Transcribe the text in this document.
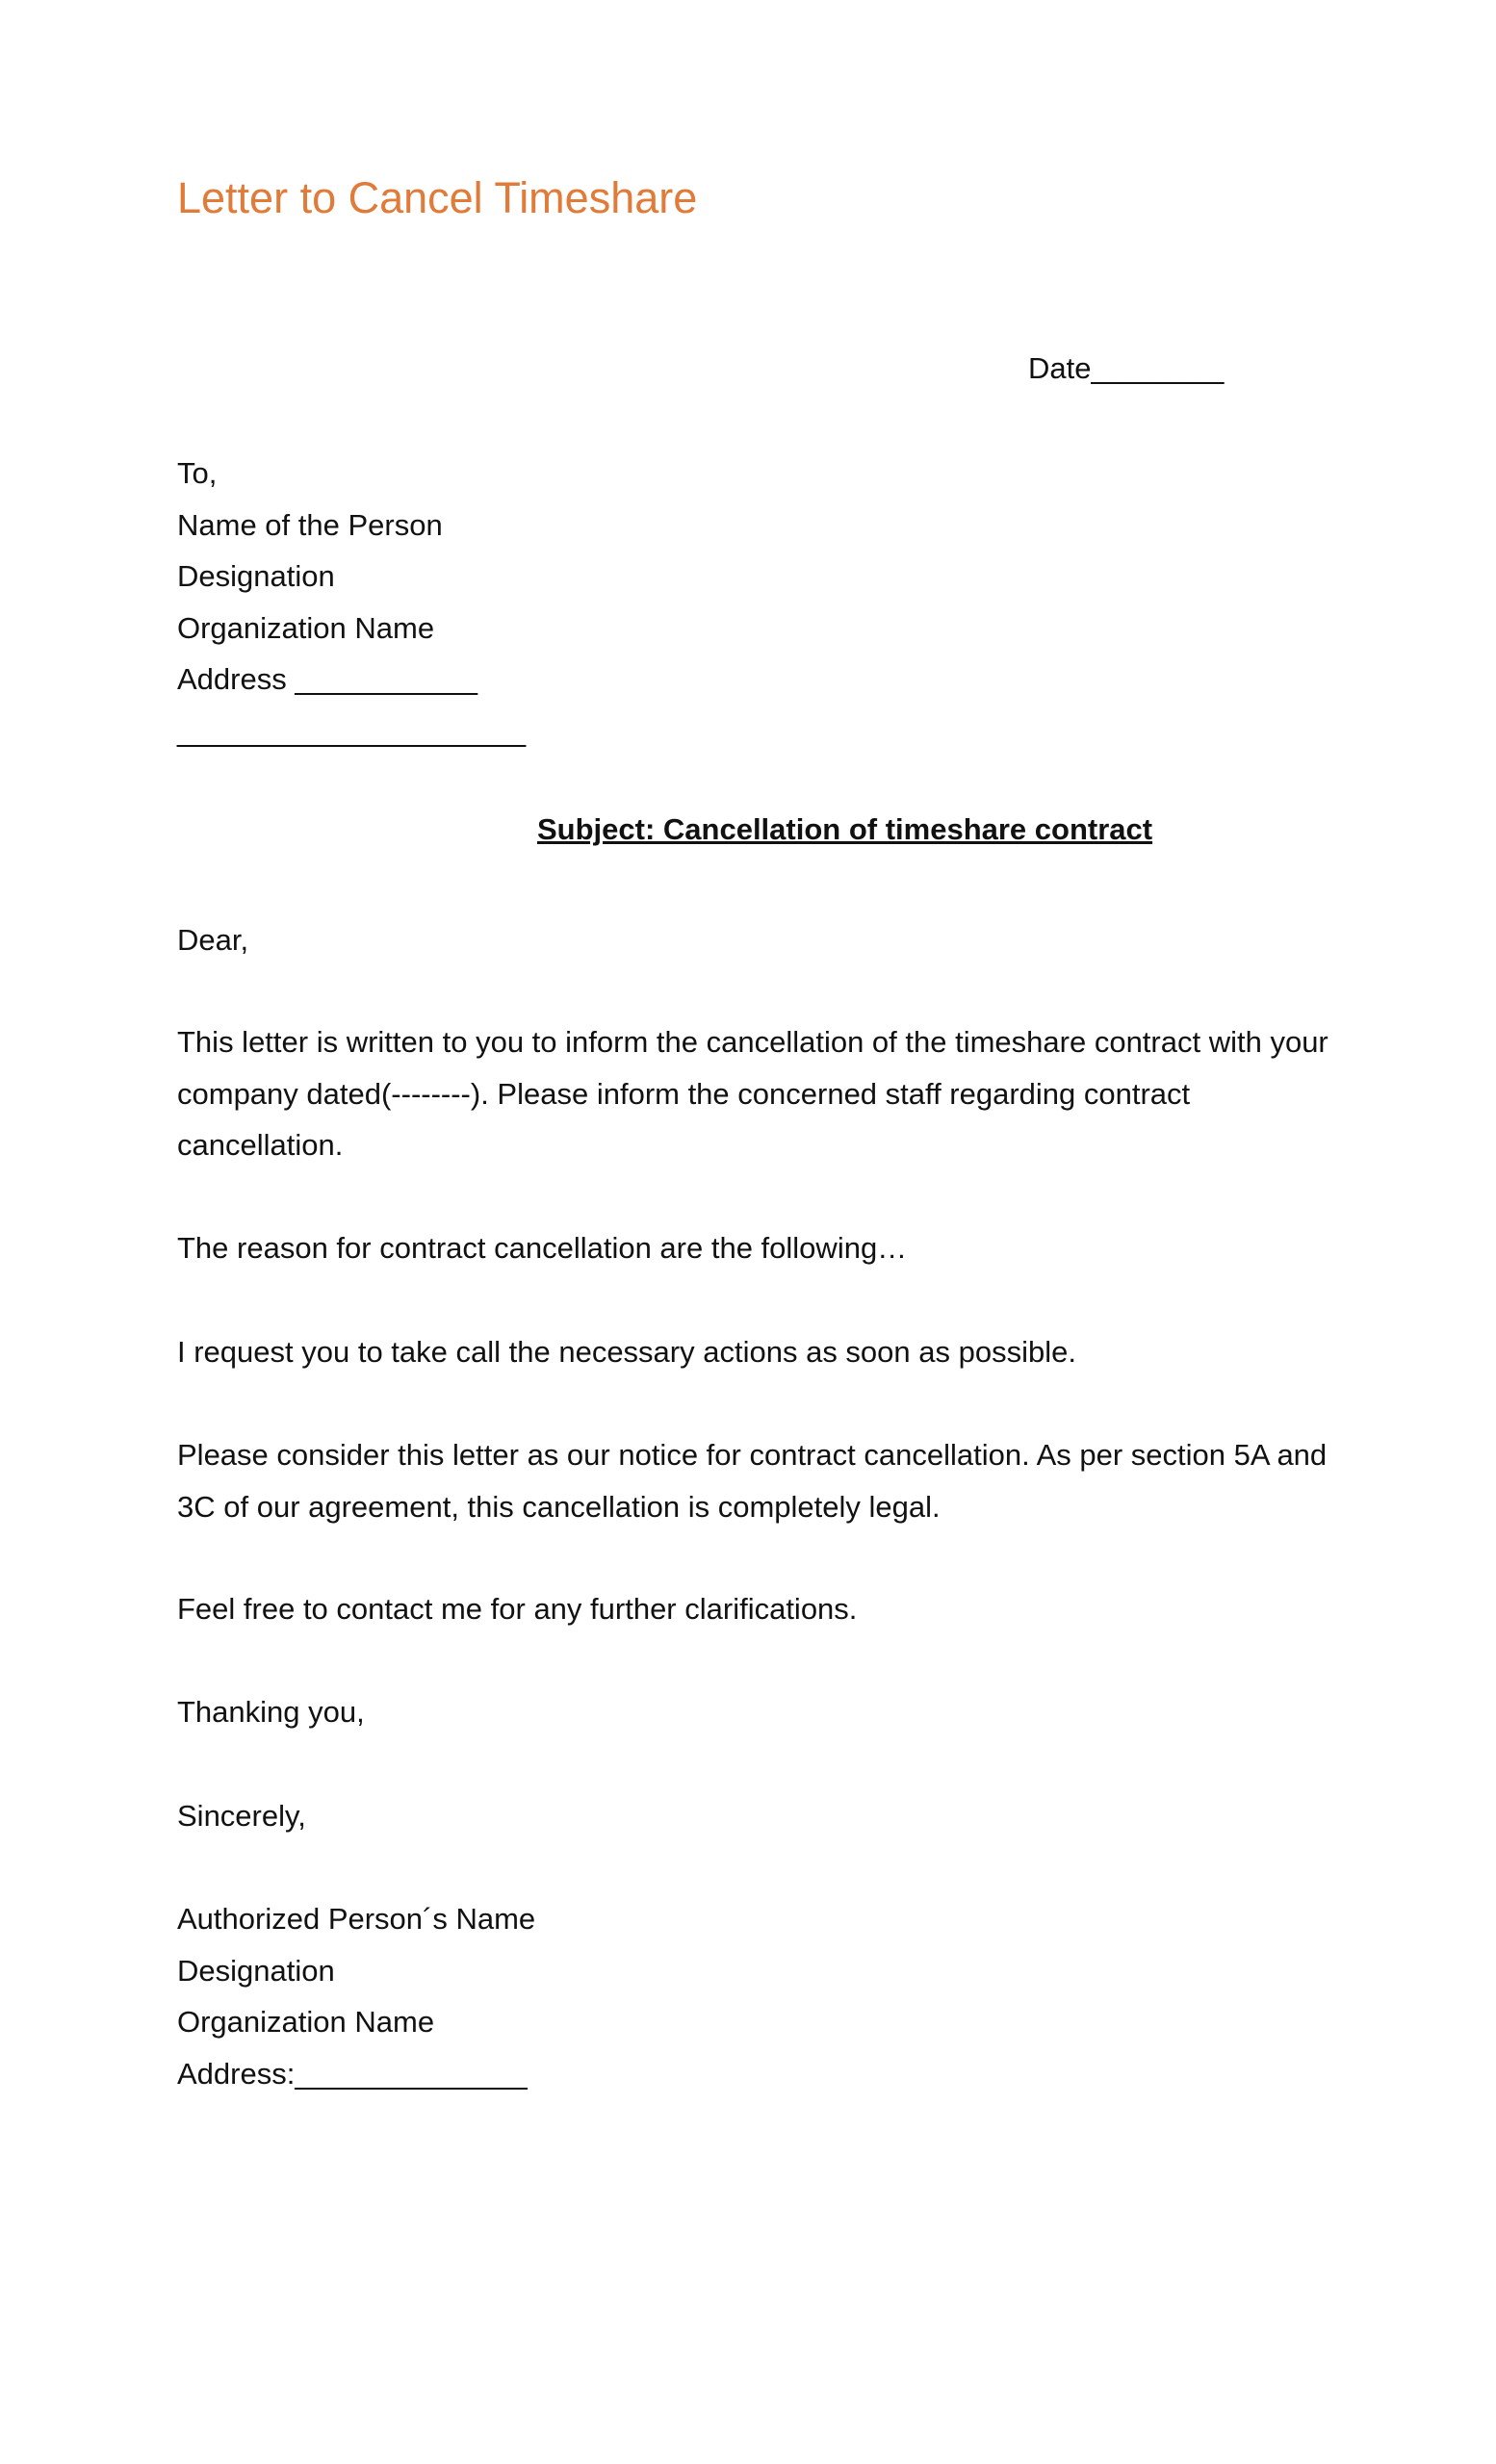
Letter to Cancel Timeshare
Date________
To,
Name of the Person
Designation
Organization Name
Address ___________
_____________________
Subject: Cancellation of timeshare contract
Dear,
This letter is written to you to inform the cancellation of the timeshare contract with your
company dated(--------). Please inform the concerned staff regarding contract
cancellation.
The reason for contract cancellation are the following…
I request you to take call the necessary actions as soon as possible.
Please consider this letter as our notice for contract cancellation. As per section 5A and
3C of our agreement, this cancellation is completely legal.
Feel free to contact me for any further clarifications.
Thanking you,
Sincerely,
Authorized Person´s Name
Designation
Organization Name
Address:______________
